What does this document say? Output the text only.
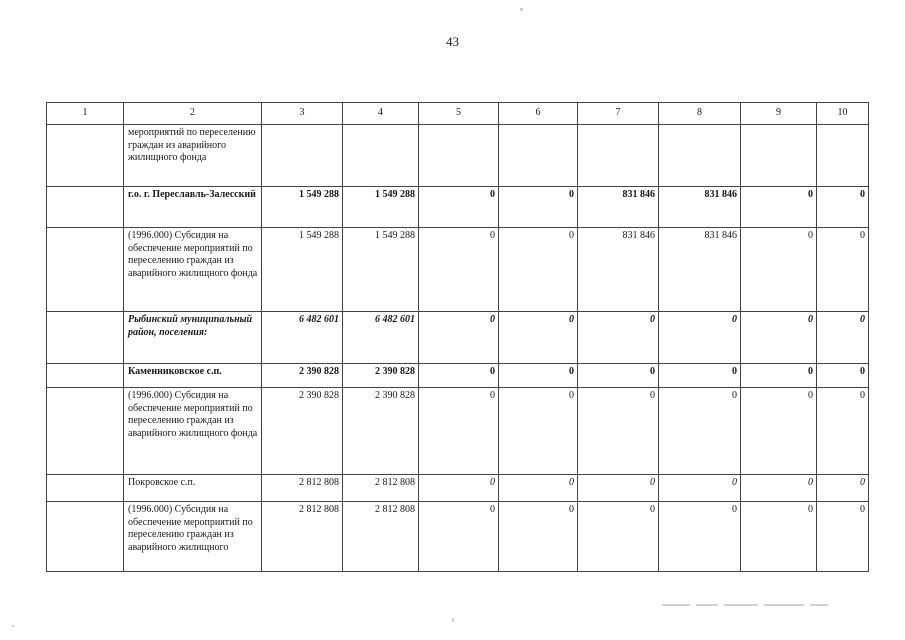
43
1	2	3	4	5	6	7	8	9	10
	мероприятий по переселению граждан из аварийного жилищного фонда								
	г.о. г. Переславль-Залесский	1 549 288	1 549 288	0	0	831 846	831 846	0	0
	(1996.000) Субсидия на обеспечение мероприятий по переселению граждан из аварийного жилищного фонда	1 549 288	1 549 288	0	0	831 846	831 846	0	0
	Рыбинский муниципальный район, поселения:	6 482 601	6 482 601	0	0	0	0	0	0
	Каменниковское с.п.	2 390 828	2 390 828	0	0	0	0	0	0
	(1996.000) Субсидия на обеспечение мероприятий по переселению граждан из аварийного жилищного фонда	2 390 828	2 390 828	0	0	0	0	0	0
	Покровское с.п.	2 812 808	2 812 808	0	0	0	0	0	0
	(1996.000) Субсидия на обеспечение мероприятий по переселению граждан из аварийного жилищного	2 812 808	2 812 808	0	0	0	0	0	0
